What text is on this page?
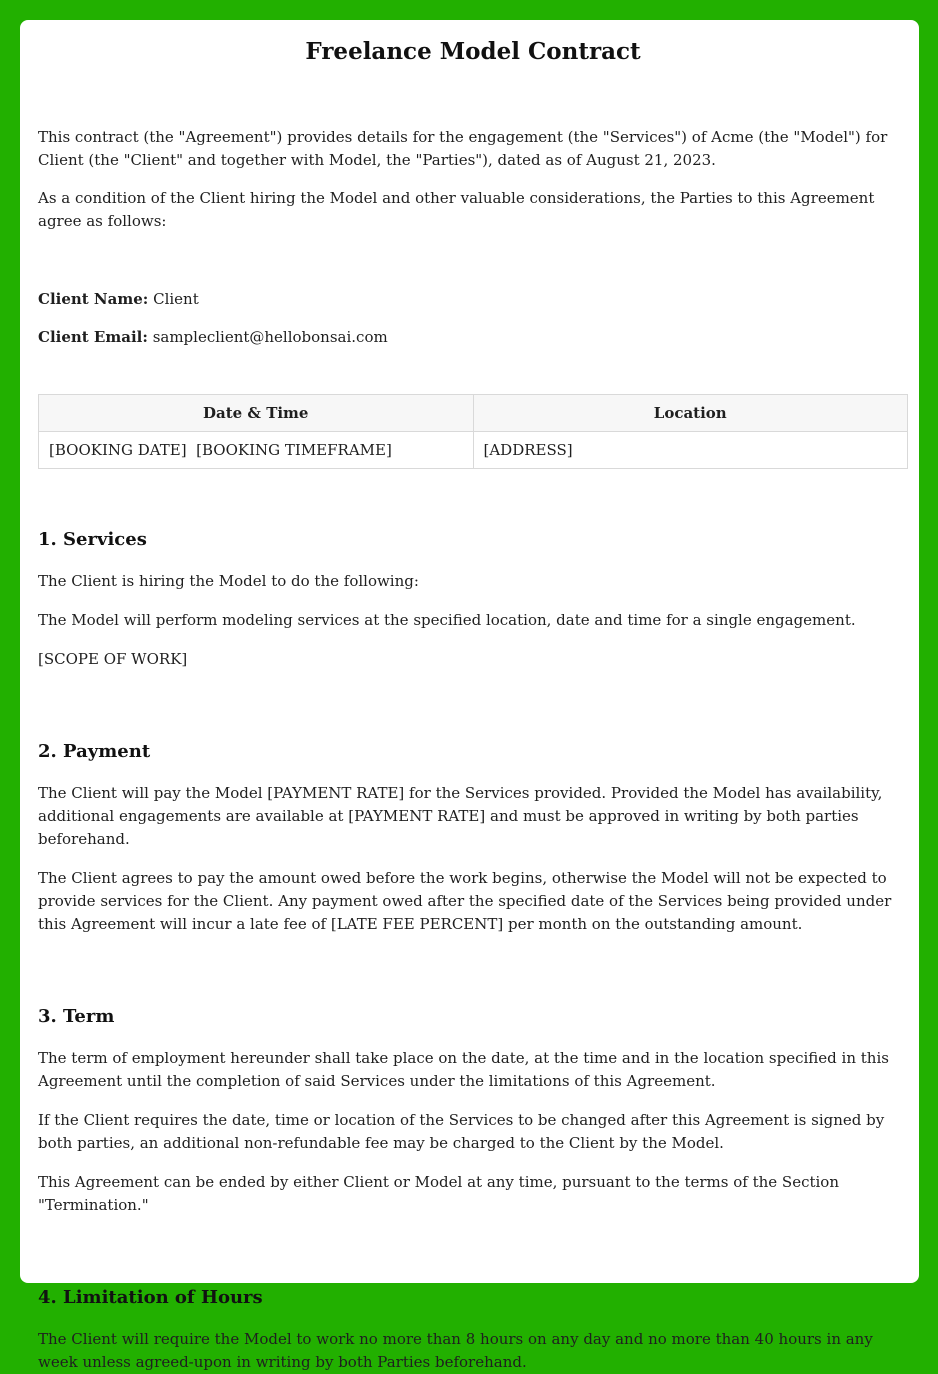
Freelance Model Contract

This contract (the "Agreement") provides details for the engagement (the "Services") of Acme (the "Model") for Client (the "Client" and together with Model, the "Parties"), dated as of August 21, 2023.

As a condition of the Client hiring the Model and other valuable considerations, the Parties to this Agreement agree as follows:

Client Name: Client

Client Email: sampleclient@hellobonsai.com

Date & Time	Location
[BOOKING DATE]  [BOOKING TIMEFRAME]	[ADDRESS]
1. Services

The Client is hiring the Model to do the following:

The Model will perform modeling services at the specified location, date and time for a single engagement.

[SCOPE OF WORK]

2. Payment

The Client will pay the Model [PAYMENT RATE] for the Services provided. Provided the Model has availability, additional engagements are available at [PAYMENT RATE] and must be approved in writing by both parties beforehand.

The Client agrees to pay the amount owed before the work begins, otherwise the Model will not be expected to provide services for the Client. Any payment owed after the specified date of the Services being provided under this Agreement will incur a late fee of [LATE FEE PERCENT] per month on the outstanding amount.

3. Term

The term of employment hereunder shall take place on the date, at the time and in the location specified in this Agreement until the completion of said Services under the limitations of this Agreement.

If the Client requires the date, time or location of the Services to be changed after this Agreement is signed by both parties, an additional non-refundable fee may be charged to the Client by the Model.

This Agreement can be ended by either Client or Model at any time, pursuant to the terms of the Section "Termination."

4. Limitation of Hours

The Client will require the Model to work no more than 8 hours on any day and no more than 40 hours in any week unless agreed-upon in writing by both Parties beforehand.
